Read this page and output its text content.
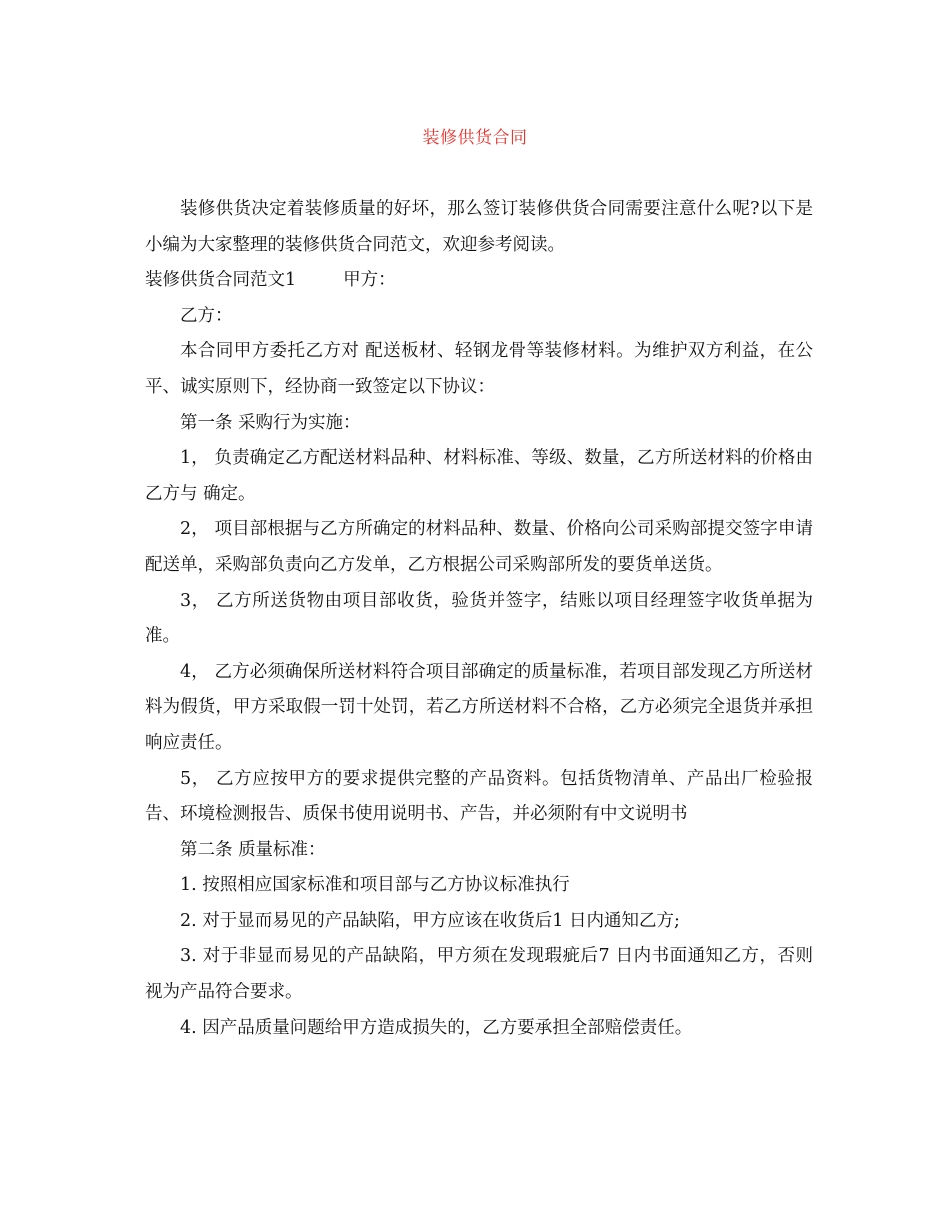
装修供货合同

装修供货决定着装修质量的好坏，那么签订装修供货合同需要注意什么呢?以下是小编为大家整理的装修供货合同范文，欢迎参考阅读。

装修供货合同范文1	甲方：

乙方：

本合同甲方委托乙方对 配送板材、轻钢龙骨等装修材料。为维护双方利益，在公平、诚实原则下，经协商一致签定以下协议：

第一条 采购行为实施：

1， 负责确定乙方配送材料品种、材料标准、等级、数量，乙方所送材料的价格由乙方与 确定。

2， 项目部根据与乙方所确定的材料品种、数量、价格向公司采购部提交签字申请配送单，采购部负责向乙方发单，乙方根据公司采购部所发的要货单送货。

3， 乙方所送货物由项目部收货，验货并签字，结账以项目经理签字收货单据为准。

4， 乙方必须确保所送材料符合项目部确定的质量标准，若项目部发现乙方所送材料为假货，甲方采取假一罚十处罚，若乙方所送材料不合格，乙方必须完全退货并承担响应责任。

5， 乙方应按甲方的要求提供完整的产品资料。包括货物清单、产品出厂检验报告、环境检测报告、质保书使用说明书、产告，并必须附有中文说明书

第二条 质量标准：

1. 按照相应国家标准和项目部与乙方协议标准执行

2. 对于显而易见的产品缺陷，甲方应该在收货后1 日内通知乙方;

3. 对于非显而易见的产品缺陷，甲方须在发现瑕疵后7 日内书面通知乙方，否则视为产品符合要求。

4. 因产品质量问题给甲方造成损失的，乙方要承担全部赔偿责任。
